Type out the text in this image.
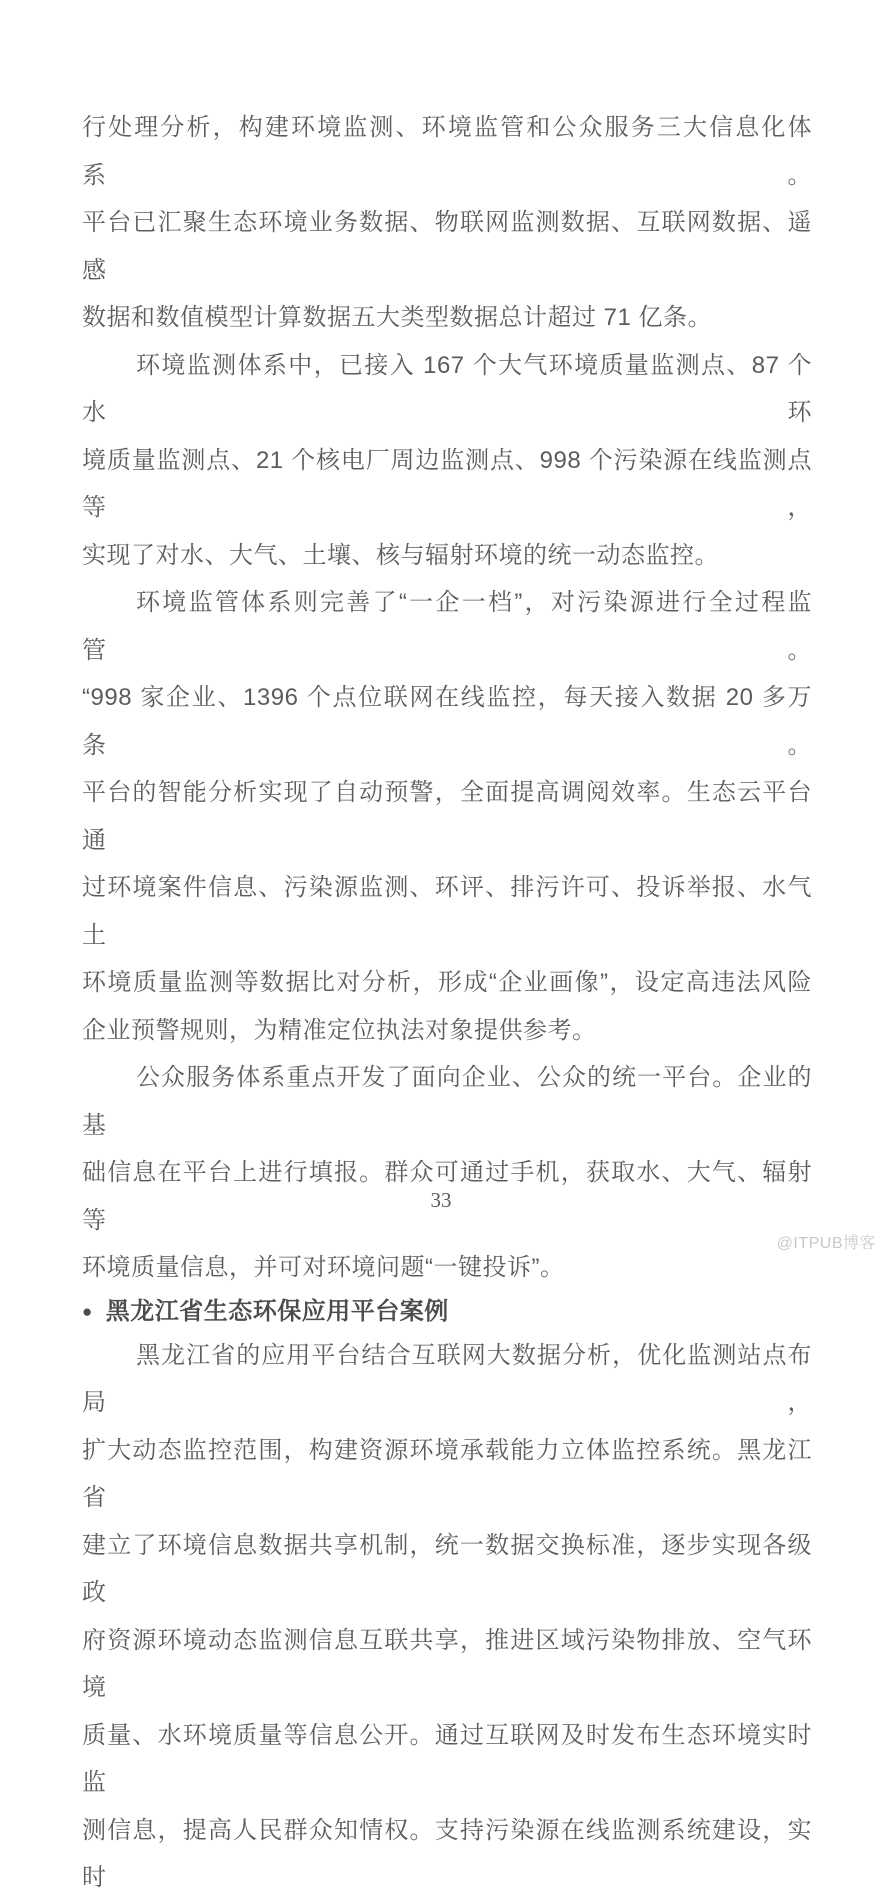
行处理分析，构建环境监测、环境监管和公众服务三大信息化体系。
平台已汇聚生态环境业务数据、物联网监测数据、互联网数据、遥感
数据和数值模型计算数据五大类型数据总计超过 71 亿条。
环境监测体系中，已接入 167 个大气环境质量监测点、87 个水环
境质量监测点、21 个核电厂周边监测点、998 个污染源在线监测点等，
实现了对水、大气、土壤、核与辐射环境的统一动态监控。
环境监管体系则完善了“一企一档”，对污染源进行全过程监管。
“998 家企业、1396 个点位联网在线监控，每天接入数据 20 多万条。
平台的智能分析实现了自动预警，全面提高调阅效率。生态云平台通
过环境案件信息、污染源监测、环评、排污许可、投诉举报、水气土
环境质量监测等数据比对分析，形成“企业画像”，设定高违法风险
企业预警规则，为精准定位执法对象提供参考。
公众服务体系重点开发了面向企业、公众的统一平台。企业的基
础信息在平台上进行填报。群众可通过手机，获取水、大气、辐射等
环境质量信息，并可对环境问题“一键投诉”。
● 黑龙江省生态环保应用平台案例
黑龙江省的应用平台结合互联网大数据分析，优化监测站点布局，
扩大动态监控范围，构建资源环境承载能力立体监控系统。黑龙江省
建立了环境信息数据共享机制，统一数据交换标准，逐步实现各级政
府资源环境动态监测信息互联共享，推进区域污染物排放、空气环境
质量、水环境质量等信息公开。通过互联网及时发布生态环境实时监
测信息，提高人民群众知情权。支持污染源在线监测系统建设，实时
33
@ITPUB博客
